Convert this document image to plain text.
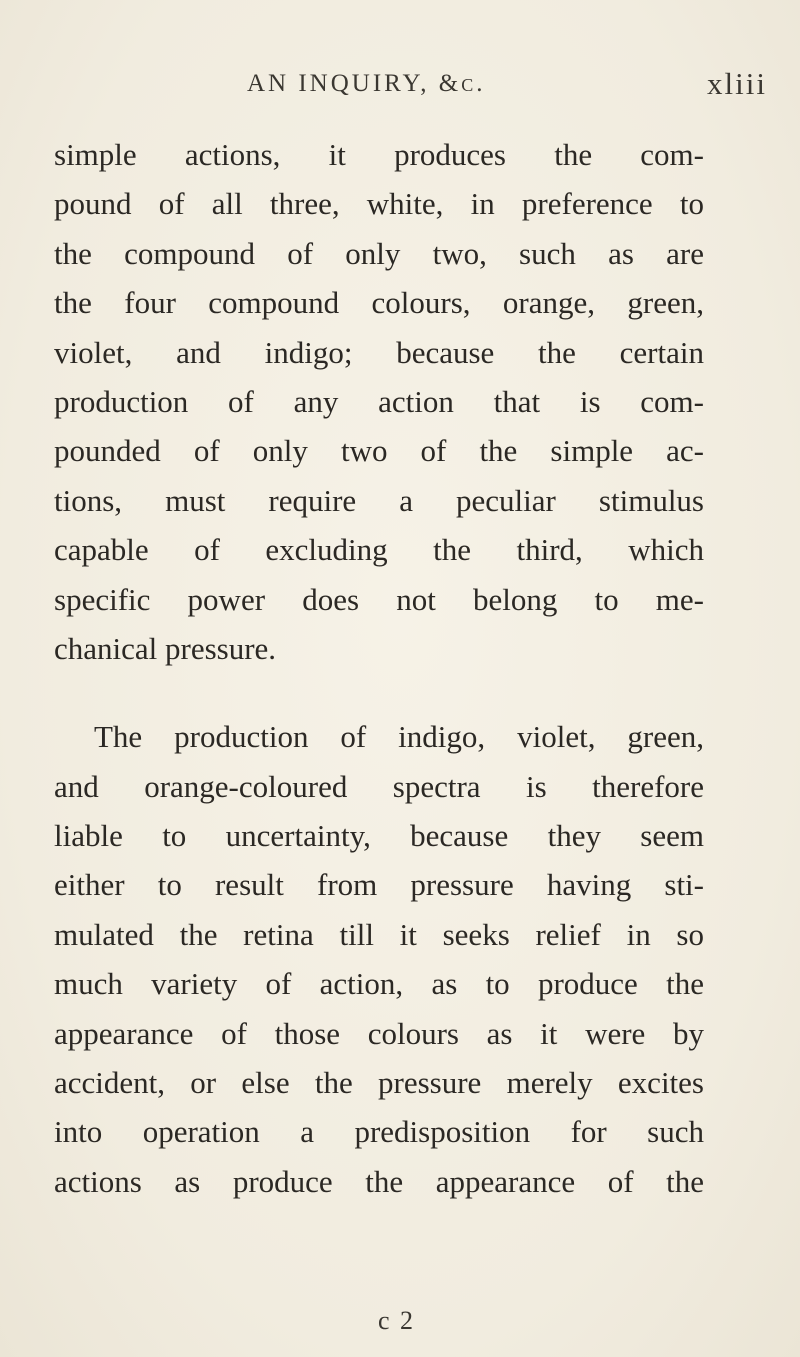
AN INQUIRY, &c.	xliii
simple actions, it produces the com-
pound of all three, white, in preference to
the compound of only two, such as are
the four compound colours, orange, green,
violet, and indigo; because the certain
production of any action that is com-
pounded of only two of the simple ac-
tions, must require a peculiar stimulus
capable of excluding the third, which
specific power does not belong to me-
chanical pressure.
The production of indigo, violet, green,
and orange-coloured spectra is therefore
liable to uncertainty, because they seem
either to result from pressure having sti-
mulated the retina till it seeks relief in so
much variety of action, as to produce the
appearance of those colours as it were by
accident, or else the pressure merely excites
into operation a predisposition for such
actions as produce the appearance of the
c 2
